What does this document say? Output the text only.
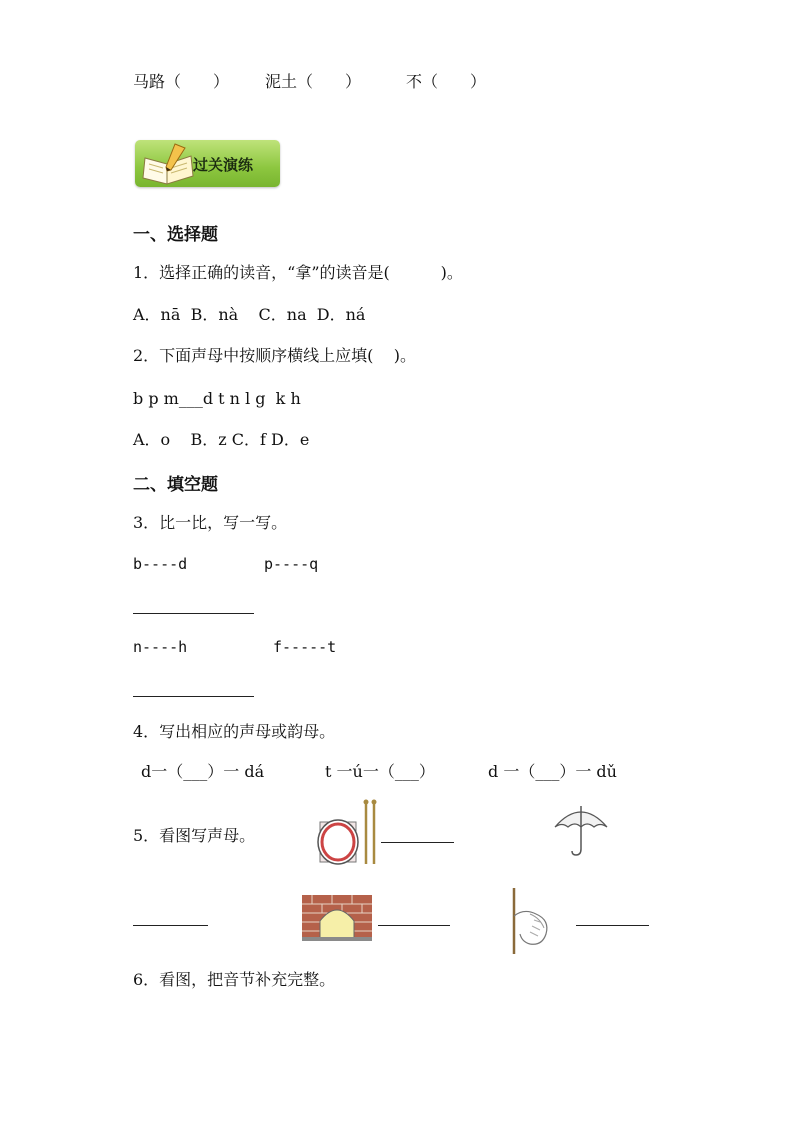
马路（　　） 泥土（　　）	不（　　）
过关演练
一、选择题
1．选择正确的读音，“拿”的读音是(          )。
A．nā  B．nà    C．na  D．ná
2．下面声母中按顺序横线上应填(    )。
b p m___d t n l g  k h
A．o    B．z C．f D．e
二、填空题
3．比一比，写一写。
b----d	p----q
n----h	f-----t
4．写出相应的声母或韵母。
d一（___）一 dá	t 一ú一（___）	d 一（___）一 dǔ
5．看图写声母。
6．看图，把音节补充完整。
